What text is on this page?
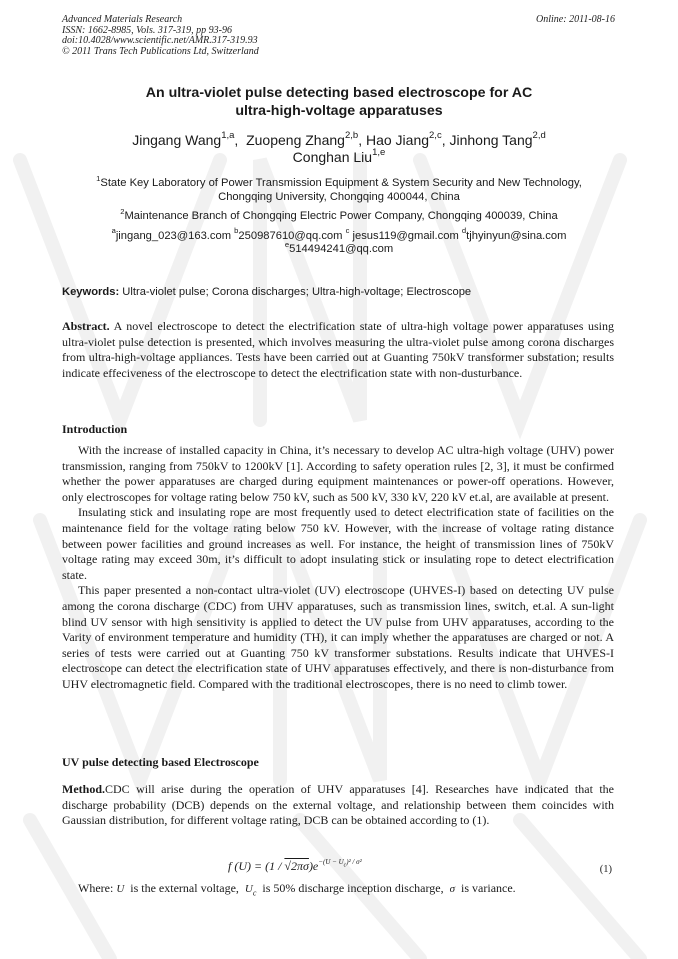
Advanced Materials Research
ISSN: 1662-8985, Vols. 317-319, pp 93-96
doi:10.4028/www.scientific.net/AMR.317-319.93
© 2011 Trans Tech Publications Ltd, Switzerland
Online: 2011-08-16
An ultra-violet pulse detecting based electroscope for AC
ultra-high-voltage apparatuses
Jingang Wang$^{1,a}$,  Zuopeng Zhang$^{2,b}$, Hao Jiang$^{2,c}$, Jinhong Tang$^{2,d}$
Conghan Liu$^{1,e}$

$^1$State Key Laboratory of Power Transmission Equipment & System Security and New Technology,
Chongqing University, Chongqing 400044, China

$^2$Maintenance Branch of Chongqing Electric Power Company, Chongqing 400039, China

$^a$jingang_023@163.com $^b$250987610@qq.com $^c$ jesus119@gmail.com $^d$tjhyinyun@sina.com

$^e$514494241@qq.com

Keywords: Ultra-violet pulse; Corona discharges; Ultra-high-voltage; Electroscope

Abstract. A novel electroscope to detect the electrification state of ultra-high voltage power apparatuses using ultra-violet pulse detection is presented, which involves measuring the ultra-violet pulse among corona discharges from ultra-high-voltage appliances. Tests have been carried out at Guanting 750kV transformer substation; results indicate effeciveness of the electroscope to detect the electrification state with non-dusturbance.

Introduction

With the increase of installed capacity in China, it’s necessary to develop AC ultra-high voltage (UHV) power transmission, ranging from 750kV to 1200kV [1]. According to safety operation rules [2, 3], it must be confirmed whether the power apparatuses are charged during equipment maintenances or power-off operations. However, only electroscopes for voltage rating below 750 kV, such as 500 kV, 330 kV, 220 kV et.al, are available at present.

Insulating stick and insulating rope are most frequently used to detect electrification state of facilities on the maintenance field for the voltage rating below 750 kV. However, with the increase of voltage rating distance between power facilities and ground increases as well. For instance, the height of transmission lines of 750kV voltage rating may exceed 30m, it’s difficult to adopt insulating stick or insulating rope to detect electrification state.

This paper presented a non-contact ultra-violet (UV) electroscope (UHVES-I) based on detecting UV pulse among the corona discharge (CDC) from UHV apparatuses, such as transmission lines, switch, et.al. A sun-light blind UV sensor with high sensitivity is applied to detect the UV pulse from UHV apparatuses, according to the Varity of environment temperature and humidity (TH), it can imply whether the apparatuses are charged or not. A series of tests were carried out at Guanting 750 kV transformer substations. Results indicate that UHVES-I electroscope can detect the electrification state of UHV apparatuses effectively, and there is non-disturbance from UHV electromagnetic field. Compared with the traditional electroscopes, there is no need to climb tower.

UV pulse detecting based Electroscope

Method.CDC will arise during the operation of UHV apparatuses [4]. Researches have indicated that the discharge probability (DCB) depends on the external voltage, and relationship between them coincides with Gaussian distribution, for different voltage rating, DCB can be obtained according to (1).

f $(U) = (1 / √2\pi\sigma)e^{-(U - U_c)^2 / \sigma^2}$
(1)
Where: U  is the external voltage,  $U_c$  is 50% discharge inception discharge,  σ  is variance.
